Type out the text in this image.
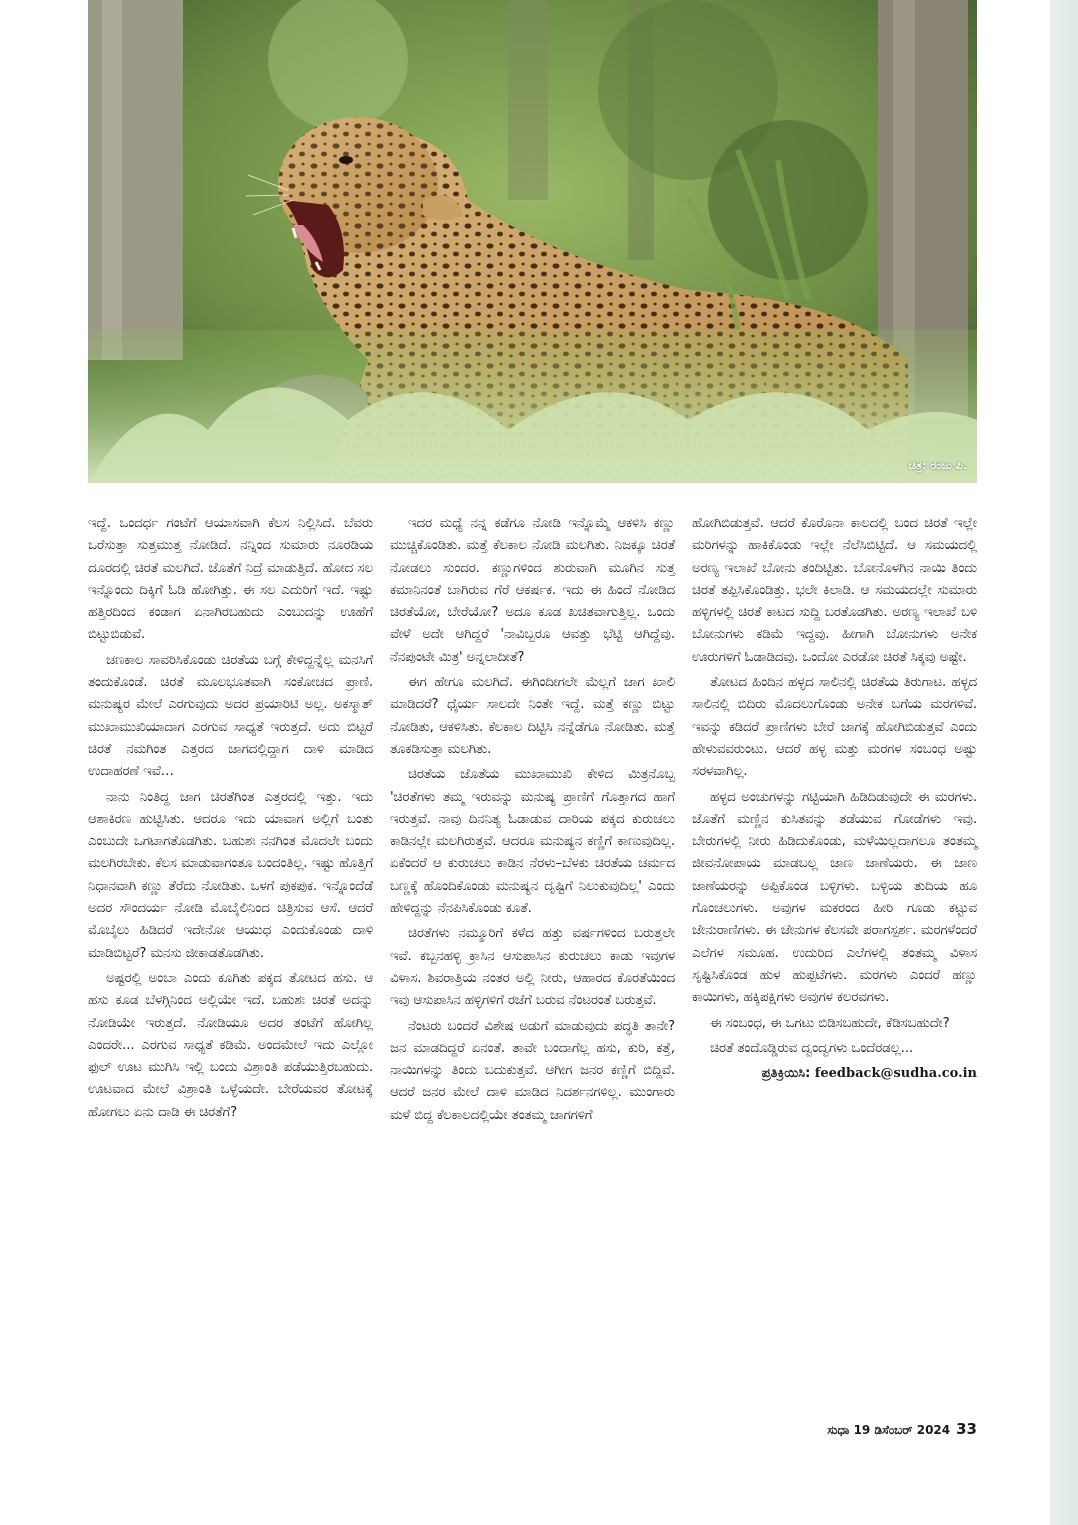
ಚಿತ್ರ: ರಂಜು ಪಿ.

ಇದ್ದೆ. ಒಂದರ್ಧ ಗಂಟೆಗೆ ಆಯಾಸವಾಗಿ ಕೆಲಸ ನಿಲ್ಲಿಸಿದೆ. ಬೆವರು ಒರೆಸುತ್ತಾ ಸುತ್ತಮುತ್ತ ನೋಡಿದೆ. ನನ್ನಿಂದ ಸುಮಾರು ನೂರಡಿಯ ದೂರದಲ್ಲಿ ಚಿರತೆ ಮಲಗಿದೆ. ಜೊತೆಗೆ ನಿದ್ರೆ ಮಾಡುತ್ತಿದೆ. ಹೋದ ಸಲ ಇನ್ನೊಂದು ದಿಕ್ಕಿಗೆ ಓಡಿ ಹೋಗಿತ್ತು. ಈ ಸಲ ಎದುರಿಗೆ ಇದೆ. ಇಷ್ಟು ಹತ್ತಿರದಿಂದ ಕಂಡಾಗ ಏನಾಗಿರಬಹುದು ಎಂಬುದನ್ನು ಊಹೆಗೆ ಬಿಟ್ಟುಬಿಡುವೆ.

ಚಣಕಾಲ ಸಾವರಿಸಿಕೊಂಡು ಚಿರತೆಯ ಬಗ್ಗೆ ಕೇಳಿದ್ದನ್ನೆಲ್ಲ ಮನಸಿಗೆ ತಂದುಕೊಂಡೆ. ಚಿರತೆ ಮೂಲಭೂತವಾಗಿ ಸಂಕೋಚದ ಪ್ರಾಣಿ. ಮನುಷ್ಯರ ಮೇಲೆ ಎರಗುವುದು ಅದರ ಪ್ರಯಾರಿಟಿ ಅಲ್ಲ. ಅಕಸ್ಮಾತ್ ಮುಖಾಮುಖಿಯಾದಾಗ ಎರಗುವ ಸಾಧ್ಯತೆ ಇರುತ್ತದೆ. ಅದು ಬಿಟ್ಟರೆ ಚಿರತೆ ನಮಗಿಂತ ಎತ್ತರದ ಜಾಗದಲ್ಲಿದ್ದಾಗ ದಾಳಿ ಮಾಡಿದ ಉದಾಹರಣೆ ಇವೆ…

ನಾನು ನಿಂತಿದ್ದ ಜಾಗ ಚಿರತೆಗಿಂತ ಎತ್ತರದಲ್ಲಿ ಇತ್ತು. ಇದು ಆಶಾಕಿರಣ ಹುಟ್ಟಿಸಿತು. ಆದರೂ ಇದು ಯಾವಾಗ ಅಲ್ಲಿಗೆ ಬಂತು ಎಂಬುದೇ ಒಗಟಾಗತೊಡಗಿತು. ಬಹುಶಃ ನನಗಿಂತ ಮೊದಲೇ ಬಂದು ಮಲಗಿರಬೇಕು. ಕೆಲಸ ಮಾಡುವಾಗಂತೂ ಬಂದಂತಿಲ್ಲ. ಇಷ್ಟು ಹೊತ್ತಿಗೆ ನಿಧಾನವಾಗಿ ಕಣ್ಣು ತೆರೆದು ನೋಡಿತು. ಒಳಗೆ ಪುಕಪುಕ. ಇನ್ನೊಂದೆಡೆ ಅದರ ಸೌಂದರ್ಯ ನೋಡಿ ಮೊಬೈಲಿನಿಂದ ಚಿತ್ರಿಸುವ ಆಸೆ. ಆದರೆ ಮೊಬೈಲು ಹಿಡಿದರೆ ಇದೇನೋ ಆಯುಧ ಎಂದುಕೊಂಡು ದಾಳಿ ಮಾಡಿಬಿಟ್ಟರೆ? ಮನಸು ಜೀಕಾಡತೊಡಗಿತು.

ಅಷ್ಟರಲ್ಲಿ ಅಂಬಾ ಎಂದು ಕೂಗಿತು ಪಕ್ಕದ ತೋಟದ ಹಸು. ಆ ಹಸು ಕೂಡ ಬೆಳಗ್ಗಿನಿಂದ ಅಲ್ಲಿಯೇ ಇದೆ. ಬಹುಶಃ ಚಿರತೆ ಅದನ್ನು ನೋಡಿಯೇ ಇರುತ್ತದೆ. ನೋಡಿಯೂ ಅದರ ತಂಟೆಗೆ ಹೋಗಿಲ್ಲ ಎಂದರೇ... ಎರಗುವ ಸಾಧ್ಯತೆ ಕಡಿಮೆ. ಅಂದಮೇಲೆ ಇದು ಎಲ್ಲೋ ಫುಲ್ ಊಟ ಮುಗಿಸಿ ಇಲ್ಲಿ ಬಂದು ವಿಶ್ರಾಂತಿ ಪಡೆಯುತ್ತಿರಬಹುದು. ಊಟವಾದ ಮೇಲೆ ವಿಶ್ರಾಂತಿ ಒಳ್ಳೆಯದೇ. ಬೇರೆಯವರ ತೋಟಕ್ಕೆ ಹೋಗಲು ಏನು ದಾಡಿ ಈ ಚಿರತೆಗೆ?

ಇದರ ಮಧ್ಯೆ ನನ್ನ ಕಡೆಗೂ ನೋಡಿ ಇನ್ನೊಮ್ಮೆ ಆಕಳಿಸಿ ಕಣ್ಣು ಮುಚ್ಚಿಕೊಂಡಿತು. ಮತ್ತೆ ಕೆಲಕಾಲ ನೋಡಿ ಮಲಗಿತು. ನಿಜಕ್ಕೂ ಚಿರತೆ ನೋಡಲು ಸುಂದರ. ಕಣ್ಣುಗಳಿಂದ ಶುರುವಾಗಿ ಮೂಗಿನ ಸುತ್ತ ಕಮಾನಿನಂತೆ ಬಾಗಿರುವ ಗೆರೆ ಆಕರ್ಷಕ. ಇದು ಈ ಹಿಂದೆ ನೋಡಿದ ಚಿರತೆಯೋ, ಬೇರೆಯೋ? ಅದೂ ಕೂಡ ಖಚಿತವಾಗುತ್ತಿಲ್ಲ. ಒಂದು ವೇಳೆ ಅದೇ ಆಗಿದ್ದರೆ 'ನಾವಿಬ್ಬರೂ ಆವತ್ತು ಭೆಟ್ಟಿ ಆಗಿದ್ದೆವು. ನೆನಪುಂಟೇ ಮಿತ್ರ' ಅನ್ನಲಾದೀತೆ?

ಈಗ ಹೇಗೂ ಮಲಗಿದೆ. ಈಗಿಂದೀಗಲೇ ಮೆಲ್ಲಗೆ ಜಾಗ ಖಾಲಿ ಮಾಡಿದರೆ? ಧೈರ್ಯ ಸಾಲದೇ ನಿಂತೇ ಇದ್ದೆ. ಮತ್ತೆ ಕಣ್ಣು ಬಿಟ್ಟು ನೋಡಿತು, ಆಕಳಿಸಿತು. ಕೆಲಕಾಲ ದಿಟ್ಟಿಸಿ ನನ್ನೆಡೆಗೂ ನೋಡಿತು. ಮತ್ತೆ ತೂಕಡಿಸುತ್ತಾ ಮಲಗಿತು.

ಚಿರತೆಯ ಜೊತೆಯ ಮುಖಾಮುಖಿ ಕೇಳಿದ ಮಿತ್ರನೊಬ್ಬ 'ಚಿರತೆಗಳು ತಮ್ಮ ಇರುವನ್ನು ಮನುಷ್ಯ ಪ್ರಾಣಿಗೆ ಗೊತ್ತಾಗದ ಹಾಗೆ ಇರುತ್ತವೆ. ನಾವು ದಿನನಿತ್ಯ ಓಡಾಡುವ ದಾರಿಯ ಪಕ್ಕದ ಕುರುಚಲು ಕಾಡಿನಲ್ಲೇ ಮಲಗಿರುತ್ತವೆ. ಆದರೂ ಮನುಷ್ಯನ ಕಣ್ಣಿಗೆ ಕಾಣುವುದಿಲ್ಲ. ಏಕೆಂದರೆ ಆ ಕುರುಚಲು ಕಾಡಿನ ನೆರಳು–ಬೆಳಕು ಚಿರತೆಯ ಚರ್ಮದ ಬಣ್ಣಕ್ಕೆ ಹೊಂದಿಕೊಂಡು ಮನುಷ್ಯನ ದೃಷ್ಟಿಗೆ ನಿಲುಕುವುದಿಲ್ಲ' ಎಂದು ಹೇಳಿದ್ದನ್ನು ನೆನಪಿಸಿಕೊಂಡು ಕೂತೆ.

ಚಿರತೆಗಳು ನಮ್ಮೂರಿಗೆ ಕಳೆದ ಹತ್ತು ವರ್ಷಗಳಿಂದ ಬರುತ್ತಲೇ ಇವೆ. ಕಬ್ಬನಹಳ್ಳಿ ಕ್ರಾಸಿನ ಆಸುಪಾಸಿನ ಕುರುಚಲು ಕಾಡು ಇವುಗಳ ವಿಳಾಸ. ಶಿವರಾತ್ರಿಯ ನಂತರ ಅಲ್ಲಿ ನೀರು, ಆಹಾರದ ಕೊರತೆಯಿಂದ ಇವು ಆಸುಪಾಸಿನ ಹಳ್ಳಿಗಳಿಗೆ ರಜೆಗೆ ಬರುವ ನೆಂಟರಂತೆ ಬರುತ್ತವೆ.

ನೆಂಟರು ಬಂದರೆ ವಿಶೇಷ ಅಡುಗೆ ಮಾಡುವುದು ಪದ್ಧತಿ ತಾನೇ? ಜನ ಮಾಡದಿದ್ದರೆ ಏನಂತೆ. ತಾವೇ ಬಂದಾಗೆಲ್ಲ ಹಸು, ಕುರಿ, ಕತ್ತೆ, ನಾಯಿಗಳನ್ನು ತಿಂದು ಬದುಕುತ್ತವೆ. ಆಗೀಗ ಜನರ ಕಣ್ಣಿಗೆ ಬಿದ್ದಿವೆ. ಆದರೆ ಜನರ ಮೇಲೆ ದಾಳಿ ಮಾಡಿದ ನಿದರ್ಶನಗಳಿಲ್ಲ. ಮುಂಗಾರು ಮಳೆ ಬಿದ್ದ ಕೆಲಕಾಲದಲ್ಲಿಯೇ ತಂತಮ್ಮ ಜಾಗಗಳಿಗೆ

ಹೋಗಿಬಿಡುತ್ತವೆ. ಆದರೆ ಕೊರೊನಾ ಕಾಲದಲ್ಲಿ ಬಂದ ಚಿರತೆ ಇಲ್ಲೇ ಮರಿಗಳನ್ನು ಹಾಕಿಕೊಂಡು ಇಲ್ಲೇ ನೆಲೆಸಿಬಿಟ್ಟಿದೆ. ಆ ಸಮಯದಲ್ಲಿ ಅರಣ್ಯ ಇಲಾಖೆ ಬೋನು ತಂದಿಟ್ಟಿತು. ಬೋನೊಳಗಿನ ನಾಯಿ ತಿಂದು ಚಿರತೆ ತಪ್ಪಿಸಿಕೊಂಡಿತ್ತು. ಭಲೇ ಕಿಲಾಡಿ. ಆ ಸಮಯದಲ್ಲೇ ಸುಮಾರು ಹಳ್ಳಿಗಳಲ್ಲಿ ಚಿರತೆ ಕಾಟದ ಸುದ್ದಿ ಬರತೊಡಗಿತು. ಅರಣ್ಯ ಇಲಾಖೆ ಬಳಿ ಬೋನುಗಳು ಕಡಿಮೆ ಇದ್ದವು. ಹೀಗಾಗಿ ಬೋನುಗಳು ಅನೇಕ ಊರುಗಳಿಗೆ ಓಡಾಡಿದವು. ಒಂದೋ ಎರಡೋ ಚಿರತೆ ಸಿಕ್ಕವು ಅಷ್ಟೇ.

ತೋಟದ ಹಿಂದಿನ ಹಳ್ಳದ ಸಾಲಿನಲ್ಲಿ ಚಿರತೆಯ ತಿರುಗಾಟ. ಹಳ್ಳದ ಸಾಲಿನಲ್ಲಿ ಬಿದಿರು ಮೊದಲುಗೊಂಡು ಅನೇಕ ಬಗೆಯ ಮರಗಳಿವೆ. ಇವನ್ನು ಕಡಿದರೆ ಪ್ರಾಣಿಗಳು ಬೇರೆ ಜಾಗಕ್ಕೆ ಹೋಗಿಬಿಡುತ್ತವೆ ಎಂದು ಹೇಳುವವರುಂಟು. ಆದರೆ ಹಳ್ಳ ಮತ್ತು ಮರಗಳ ಸಂಬಂಧ ಅಷ್ಟು ಸರಳವಾಗಿಲ್ಲ.

ಹಳ್ಳದ ಅಂಚುಗಳನ್ನು ಗಟ್ಟಿಯಾಗಿ ಹಿಡಿದಿಡುವುದೇ ಈ ಮರಗಳು. ಜೊತೆಗೆ ಮಣ್ಣಿನ ಕುಸಿತವನ್ನು ತಡೆಯುವ ಗೋಡೆಗಳು ಇವು. ಬೇರುಗಳಲ್ಲಿ ನೀರು ಹಿಡಿದುಕೊಂಡು, ಮಳೆಯಿಲ್ಲದಾಗಲೂ ತಂತಮ್ಮ ಜೀವನೋಪಾಯ ಮಾಡಬಲ್ಲ ಜಾಣ ಜಾಣೆಯರು. ಈ ಜಾಣ ಜಾಣೆಯರನ್ನು ಅಪ್ಪಿಕೊಂಡ ಬಳ್ಳಿಗಳು. ಬಳ್ಳಿಯ ತುದಿಯ ಹೂ ಗೊಂಚಲುಗಳು. ಅವುಗಳ ಮಕರಂದ ಹೀರಿ ಗೂಡು ಕಟ್ಟುವ ಜೇನುರಾಣಿಗಳು. ಈ ಜೇನುಗಳ ಕೆಲಸವೇ ಪರಾಗಸ್ಪರ್ಶ. ಮರಗಳೆಂದರೆ ಎಲೆಗಳ ಸಮೂಹ. ಉದುರಿದ ಎಲೆಗಳಲ್ಲಿ ತಂತಮ್ಮ ವಿಳಾಸ ಸೃಷ್ಟಿಸಿಕೊಂಡ ಹುಳ ಹುಪ್ಪಟೆಗಳು. ಮರಗಳು ಎಂದರೆ ಹಣ್ಣು ಕಾಯಿಗಳು, ಹಕ್ಕಿಪಕ್ಷಿಗಳು ಅವುಗಳ ಕಲರವಗಳು.

ಈ ಸಂಬಂಧ, ಈ ಒಗಟು ಬಿಡಿಸಬಹುದೇ, ಕೆಡಿಸಬಹುದೇ?

ಚಿರತೆ ತಂದೊಡ್ಡಿರುವ ದ್ವಂದ್ವಗಳು ಒಂದೆರಡಲ್ಲ...

ಪ್ರತಿಕ್ರಿಯಿಸಿ: feedback@sudha.co.in
ಸುಧಾ 19 ಡಿಸೆಂಬರ್ 2024 33
